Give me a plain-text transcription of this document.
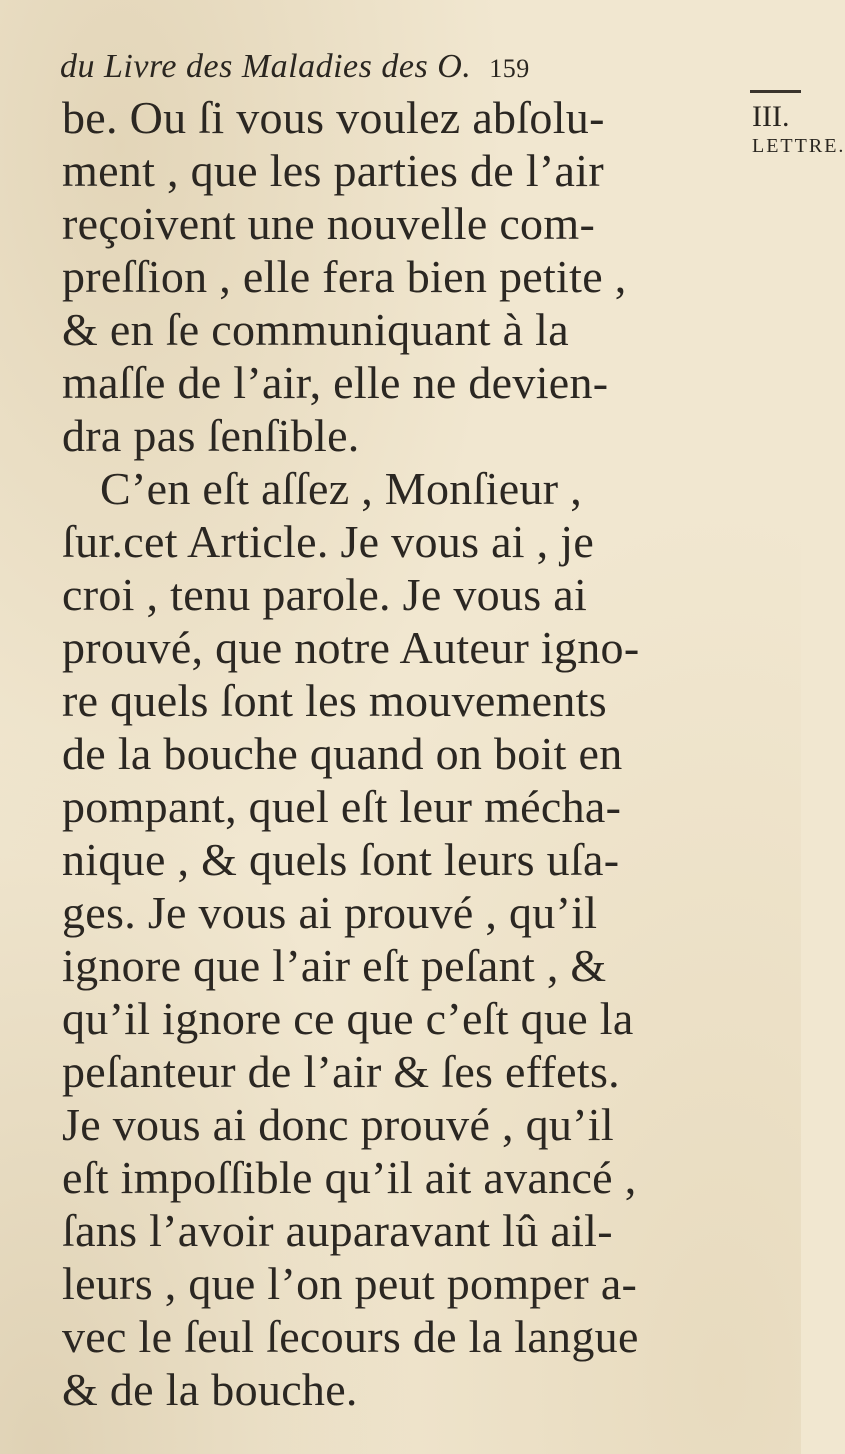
du Livre des Maladies des O. 159
III.
LETTRE.
be. Ou ſi vous voulez abſolu-
ment , que les parties de l’air
reçoivent une nouvelle com-
preſſion , elle fera bien petite ,
& en ſe communiquant à la
maſſe de l’air, elle ne devien-
dra pas ſenſible.
C’en eſt aſſez , Monſieur ,
ſur.cet Article. Je vous ai , je
croi , tenu parole. Je vous ai
prouvé, que notre Auteur igno-
re quels ſont les mouvements
de la bouche quand on boit en
pompant, quel eſt leur mécha-
nique , & quels ſont leurs uſa-
ges. Je vous ai prouvé , qu’il
ignore que l’air eſt peſant , &
qu’il ignore ce que c’eſt que la
peſanteur de l’air & ſes effets.
Je vous ai donc prouvé , qu’il
eſt impoſſible qu’il ait avancé ,
ſans l’avoir auparavant lû ail-
leurs , que l’on peut pomper a-
vec le ſeul ſecours de la langue
& de la bouche.
